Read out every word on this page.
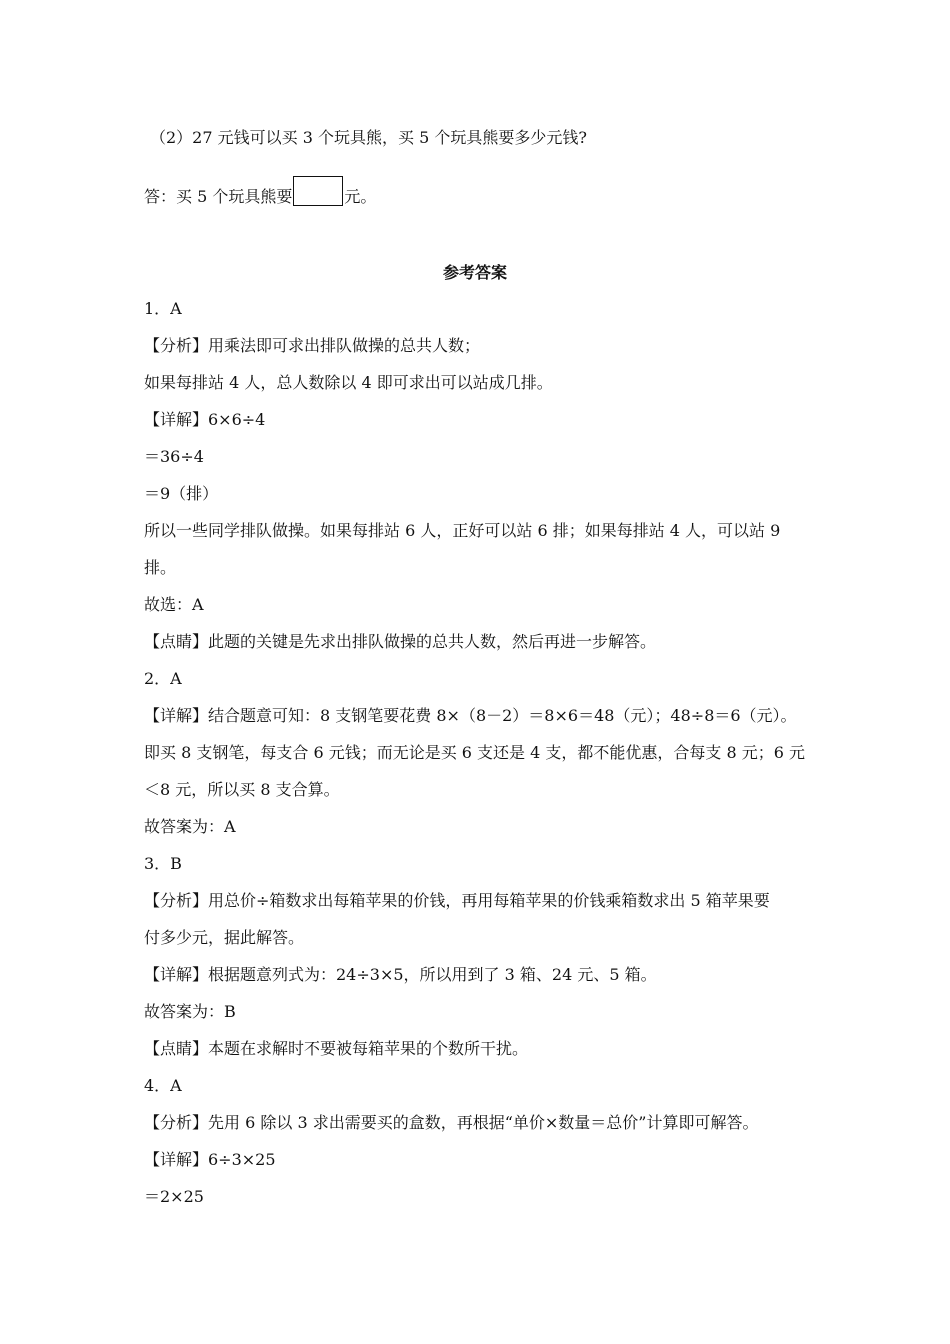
（2）27 元钱可以买 3 个玩具熊，买 5 个玩具熊要多少元钱?
答：买 5 个玩具熊要	元。
参考答案
1．A
【分析】用乘法即可求出排队做操的总共人数；
如果每排站 4 人，总人数除以 4 即可求出可以站成几排。
【详解】6×6÷4
＝36÷4
＝9（排）
所以一些同学排队做操。如果每排站 6 人，正好可以站 6 排；如果每排站 4 人，可以站 9
排。
故选：A
【点睛】此题的关键是先求出排队做操的总共人数，然后再进一步解答。
2．A
【详解】结合题意可知：8 支钢笔要花费 8×（8－2）＝8×6＝48（元）；48÷8＝6（元）。
即买 8 支钢笔，每支合 6 元钱；而无论是买 6 支还是 4 支，都不能优惠，合每支 8 元；6 元
＜8 元，所以买 8 支合算。
故答案为：A
3．B
【分析】用总价÷箱数求出每箱苹果的价钱，再用每箱苹果的价钱乘箱数求出 5 箱苹果要
付多少元，据此解答。
【详解】根据题意列式为：24÷3×5，所以用到了 3 箱、24 元、5 箱。
故答案为：B
【点睛】本题在求解时不要被每箱苹果的个数所干扰。
4．A
【分析】先用 6 除以 3 求出需要买的盒数，再根据“单价×数量＝总价”计算即可解答。
【详解】6÷3×25
＝2×25
